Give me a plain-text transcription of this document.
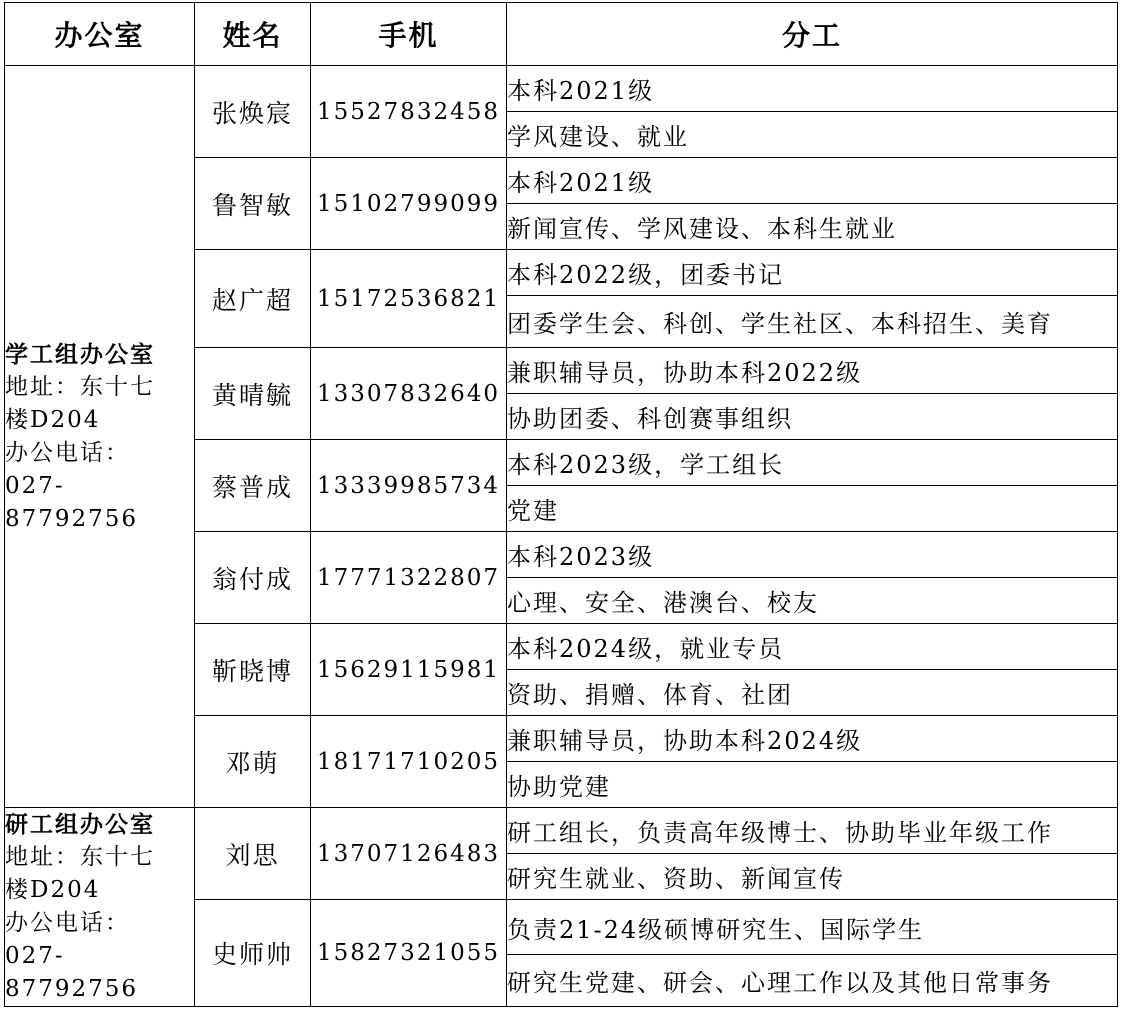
办公室	姓名	手机	分工

学工组办公室
地址：东十七
楼D204
办公电话：
027-87792756	张焕宸	15527832458	本科2021级
			学风建设、就业
	鲁智敏	15102799099	本科2021级
			新闻宣传、学风建设、本科生就业
	赵广超	15172536821	本科2022级，团委书记
			团委学生会、科创、学生社区、本科招生、美育
	黄晴毓	13307832640	兼职辅导员，协助本科2022级
			协助团委、科创赛事组织
	蔡普成	13339985734	本科2023级，学工组长
			党建
	翁付成	17771322807	本科2023级
			心理、安全、港澳台、校友
	靳晓博	15629115981	本科2024级，就业专员
			资助、捐赠、体育、社团
	邓萌	18171710205	兼职辅导员，协助本科2024级
			协助党建

研工组办公室
地址：东十七
楼D204
办公电话：
027-87792756	刘思	13707126483	研工组长，负责高年级博士、协助毕业年级工作
			研究生就业、资助、新闻宣传
	史师帅	15827321055	负责21-24级硕博研究生、国际学生
			研究生党建、研会、心理工作以及其他日常事务
